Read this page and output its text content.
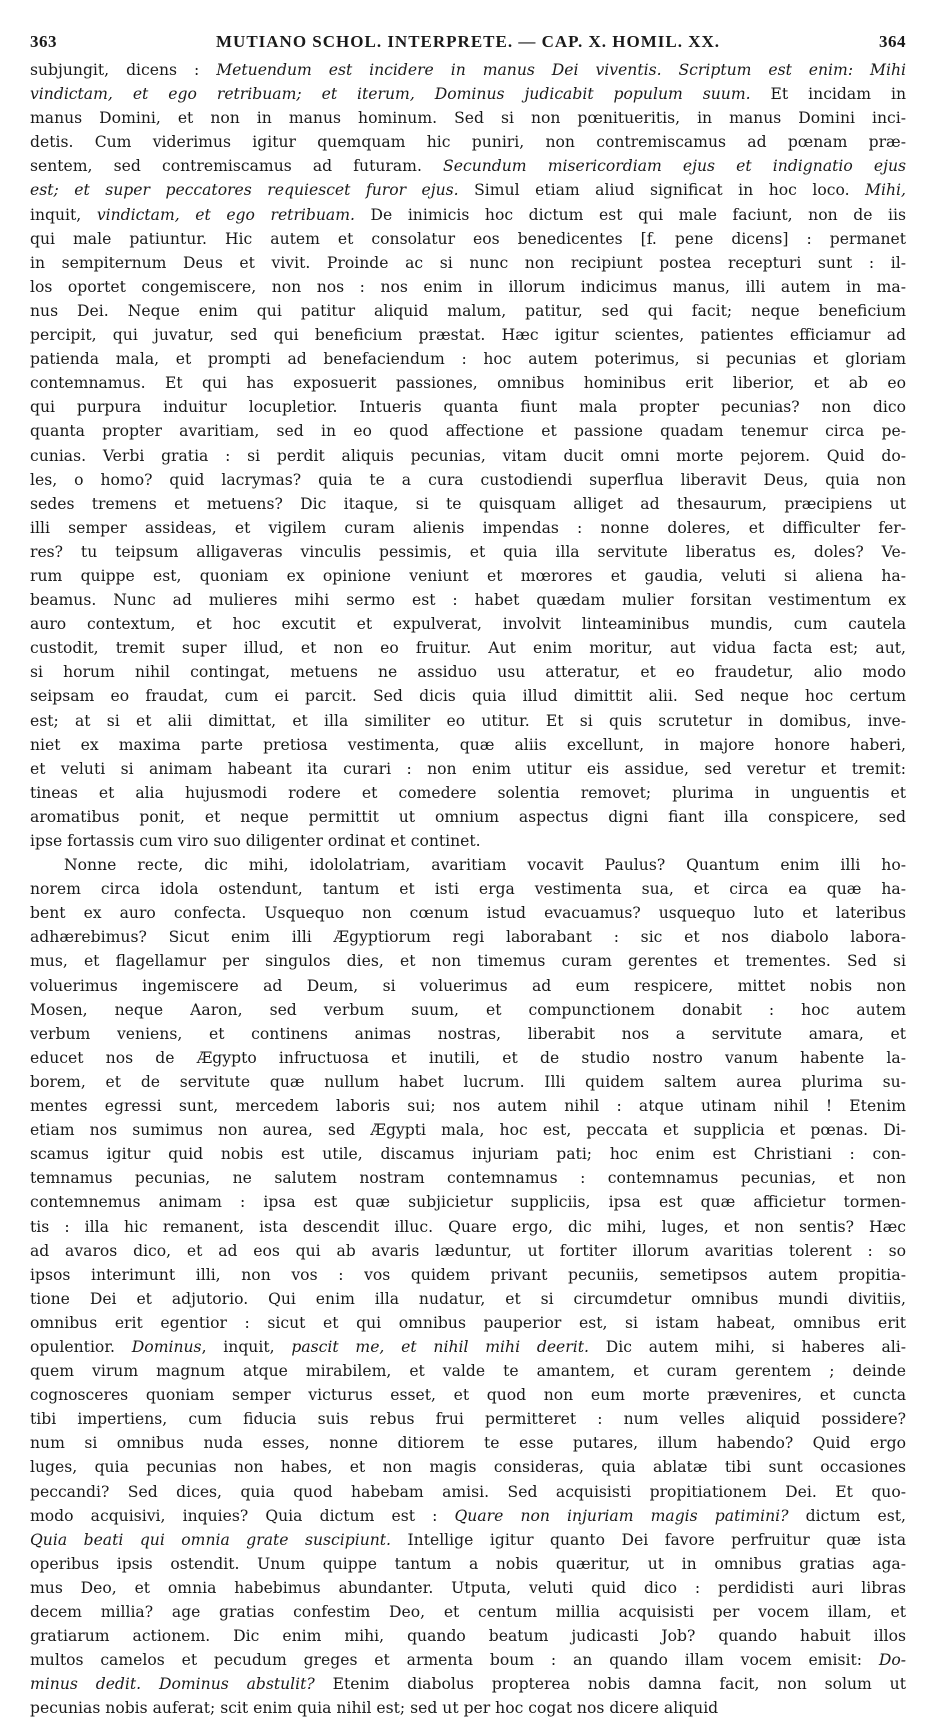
363	MUTIANO SCHOL. INTERPRETE. — CAP. X. HOMIL. XX.	364
subjungit, dicens : Metuendum est incidere in manus Dei viventis. Scriptum est enim: Mihi
vindictam, et ego retribuam; et iterum, Dominus judicabit populum suum. Et incidam in
manus Domini, et non in manus hominum. Sed si non pœnitueritis, in manus Domini inci-
detis. Cum viderimus igitur quemquam hic puniri, non contremiscamus ad pœnam præ-
sentem, sed contremiscamus ad futuram. Secundum misericordiam ejus et indignatio ejus
est; et super peccatores requiescet furor ejus. Simul etiam aliud significat in hoc loco. Mihi,
inquit, vindictam, et ego retribuam. De inimicis hoc dictum est qui male faciunt, non de iis
qui male patiuntur. Hic autem et consolatur eos benedicentes [f. pene dicens] : permanet
in sempiternum Deus et vivit. Proinde ac si nunc non recipiunt postea recepturi sunt : il-
los oportet congemiscere, non nos : nos enim in illorum indicimus manus, illi autem in ma-
nus Dei. Neque enim qui patitur aliquid malum, patitur, sed qui facit; neque beneficium
percipit, qui juvatur, sed qui beneficium præstat. Hæc igitur scientes, patientes efficiamur ad
patienda mala, et prompti ad benefaciendum : hoc autem poterimus, si pecunias et gloriam
contemnamus. Et qui has exposuerit passiones, omnibus hominibus erit liberior, et ab eo
qui purpura induitur locupletior. Intueris quanta fiunt mala propter pecunias? non dico
quanta propter avaritiam, sed in eo quod affectione et passione quadam tenemur circa pe-
cunias. Verbi gratia : si perdit aliquis pecunias, vitam ducit omni morte pejorem. Quid do-
les, o homo? quid lacrymas? quia te a cura custodiendi superflua liberavit Deus, quia non
sedes tremens et metuens? Dic itaque, si te quisquam alliget ad thesaurum, præcipiens ut
illi semper assideas, et vigilem curam alienis impendas : nonne doleres, et difficulter fer-
res? tu teipsum alligaveras vinculis pessimis, et quia illa servitute liberatus es, doles? Ve-
rum quippe est, quoniam ex opinione veniunt et mœrores et gaudia, veluti si aliena ha-
beamus. Nunc ad mulieres mihi sermo est : habet quædam mulier forsitan vestimentum ex
auro contextum, et hoc excutit et expulverat, involvit linteaminibus mundis, cum cautela
custodit, tremit super illud, et non eo fruitur. Aut enim moritur, aut vidua facta est; aut,
si horum nihil contingat, metuens ne assiduo usu atteratur, et eo fraudetur, alio modo
seipsam eo fraudat, cum ei parcit. Sed dicis quia illud dimittit alii. Sed neque hoc certum
est; at si et alii dimittat, et illa similiter eo utitur. Et si quis scrutetur in domibus, inve-
niet ex maxima parte pretiosa vestimenta, quæ aliis excellunt, in majore honore haberi,
et veluti si animam habeant ita curari : non enim utitur eis assidue, sed veretur et tremit:
tineas et alia hujusmodi rodere et comedere solentia removet; plurima in unguentis et
aromatibus ponit, et neque permittit ut omnium aspectus digni fiant illa conspicere, sed
ipse fortassis cum viro suo diligenter ordinat et continet.
Nonne recte, dic mihi, idololatriam, avaritiam vocavit Paulus? Quantum enim illi ho-
norem circa idola ostendunt, tantum et isti erga vestimenta sua, et circa ea quæ ha-
bent ex auro confecta. Usquequo non cœnum istud evacuamus? usquequo luto et lateribus
adhærebimus? Sicut enim illi Ægyptiorum regi laborabant : sic et nos diabolo labora-
mus, et flagellamur per singulos dies, et non timemus curam gerentes et trementes. Sed si
voluerimus ingemiscere ad Deum, si voluerimus ad eum respicere, mittet nobis non
Mosen, neque Aaron, sed verbum suum, et compunctionem donabit : hoc autem
verbum veniens, et continens animas nostras, liberabit nos a servitute amara, et
educet nos de Ægypto infructuosa et inutili, et de studio nostro vanum habente la-
borem, et de servitute quæ nullum habet lucrum. Illi quidem saltem aurea plurima su-
mentes egressi sunt, mercedem laboris sui; nos autem nihil : atque utinam nihil ! Etenim
etiam nos sumimus non aurea, sed Ægypti mala, hoc est, peccata et supplicia et pœnas. Di-
scamus igitur quid nobis est utile, discamus injuriam pati; hoc enim est Christiani : con-
temnamus pecunias, ne salutem nostram contemnamus : contemnamus pecunias, et non
contemnemus animam : ipsa est quæ subjicietur suppliciis, ipsa est quæ afficietur tormen-
tis : illa hic remanent, ista descendit illuc. Quare ergo, dic mihi, luges, et non sentis? Hæc
ad avaros dico, et ad eos qui ab avaris læduntur, ut fortiter illorum avaritias tolerent : so
ipsos interimunt illi, non vos : vos quidem privant pecuniis, semetipsos autem propitia-
tione Dei et adjutorio. Qui enim illa nudatur, et si circumdetur omnibus mundi divitiis,
omnibus erit egentior : sicut et qui omnibus pauperior est, si istam habeat, omnibus erit
opulentior. Dominus, inquit, pascit me, et nihil mihi deerit. Dic autem mihi, si haberes ali-
quem virum magnum atque mirabilem, et valde te amantem, et curam gerentem ; deinde
cognosceres quoniam semper victurus esset, et quod non eum morte prævenires, et cuncta
tibi impertiens, cum fiducia suis rebus frui permitteret : num velles aliquid possidere?
num si omnibus nuda esses, nonne ditiorem te esse putares, illum habendo? Quid ergo
luges, quia pecunias non habes, et non magis consideras, quia ablatæ tibi sunt occasiones
peccandi? Sed dices, quia quod habebam amisi. Sed acquisisti propitiationem Dei. Et quo-
modo acquisivi, inquies? Quia dictum est : Quare non injuriam magis patimini? dictum est,
Quia beati qui omnia grate suscipiunt. Intellige igitur quanto Dei favore perfruitur quæ ista
operibus ipsis ostendit. Unum quippe tantum a nobis quæritur, ut in omnibus gratias aga-
mus Deo, et omnia habebimus abundanter. Utputa, veluti quid dico : perdidisti auri libras
decem millia? age gratias confestim Deo, et centum millia acquisisti per vocem illam, et
gratiarum actionem. Dic enim mihi, quando beatum judicasti Job? quando habuit illos
multos camelos et pecudum greges et armenta boum : an quando illam vocem emisit: Do-
minus dedit. Dominus abstulit? Etenim diabolus propterea nobis damna facit, non solum ut
pecunias nobis auferat; scit enim quia nihil est; sed ut per hoc cogat nos dicere aliquid
